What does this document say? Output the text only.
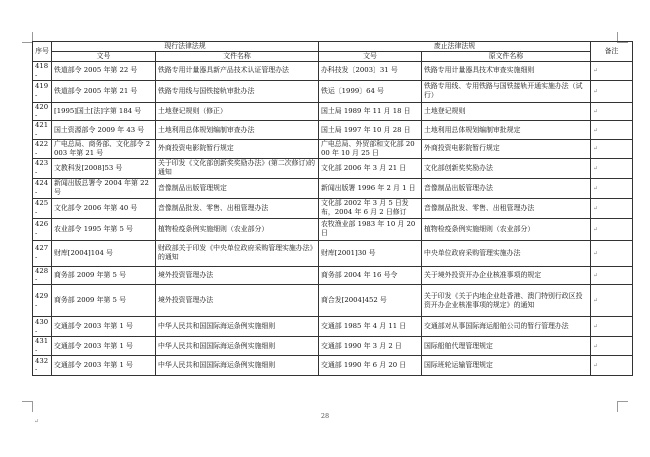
序号	现行法律法规		废止法律法规		备注
	文号	文件名称	文号	原文件名称	
418-	铁道部令 2005 年第 22 号	铁路专用计量器具新产品技术认证管理办法	办科技发〔2003〕31 号	铁路专用计量器具技术审查实施细则	↵
419-	铁道部令 2005 年第 21 号	铁路专用线与国铁接轨审批办法	铁运〔1999〕64 号	铁路专用线、专用铁路与国铁接轨开通实施办法（试行）	↵
420-	[1995]国土[法]字第 184 号	土地登记规则（修正）	国土局 1989 年 11 月 18 日	土地登记规则	↵
421-	国土资源部令 2009 年 43 号	土地利用总体规划编制审查办法	国土局 1997 年 10 月 28 日	土地利用总体规划编制审批规定	↵
422-	广电总局、商务部、文化部令 2003 年第 21 号	外商投资电影院暂行规定	广电总局、外贸部和文化部 2000 年 10 月 25 日	外商投资电影院暂行规定	↵
423-	文教科发[2008]53 号	关于印发《文化部创新奖奖励办法》(第二次修订)的通知	文化部 2006 年 3 月 21 日	文化部创新奖奖励办法	↵
424-	新闻出版总署令 2004 年第 22 号	音像制品出版管理规定	新闻出版署 1996 年 2 月 1 日	音像制品出版管理办法	↵
425-	文化部令 2006 年第 40 号	音像制品批发、零售、出租管理办法	文化部 2002 年 3 月 5 日发布，2004 年 6 月 2 日修订	音像制品批发、零售、出租管理办法	↵
426-	农业部令 1995 年第 5 号	植物检疫条例实施细则（农业部分）	农牧渔业部 1983 年 10 月 20 日	植物检疫条例实施细则（农业部分）	↵
427-	财库[2004]104 号	财政部关于印发《中央单位政府采购管理实施办法》的通知	财库[2001]30 号	中央单位政府采购管理实施办法	↵
428-	商务部 2009 年第 5 号	境外投资管理办法	商务部 2004 年 16 号令	关于境外投资开办企业核准事项的规定	↵
429-	商务部 2009 年第 5 号	境外投资管理办法	商合发[2004]452 号	关于印发《关于内地企业赴香港、澳门特别行政区投资开办企业核准事项的规定》的通知	↵
430-	交通部令 2003 年第 1 号	中华人民共和国国际海运条例实施细则	交通部 1985 年 4 月 11 日	交通部对从事国际海运船舶公司的暂行管理办法	↵
431-	交通部令 2003 年第 1 号	中华人民共和国国际海运条例实施细则	交通部 1990 年 3 月 2 日	国际船舶代理管理规定	↵
432-	交通部令 2003 年第 1 号	中华人民共和国国际海运条例实施细则	交通部 1990 年 6 月 20 日	国际班轮运输管理规定	↵
↵
28
